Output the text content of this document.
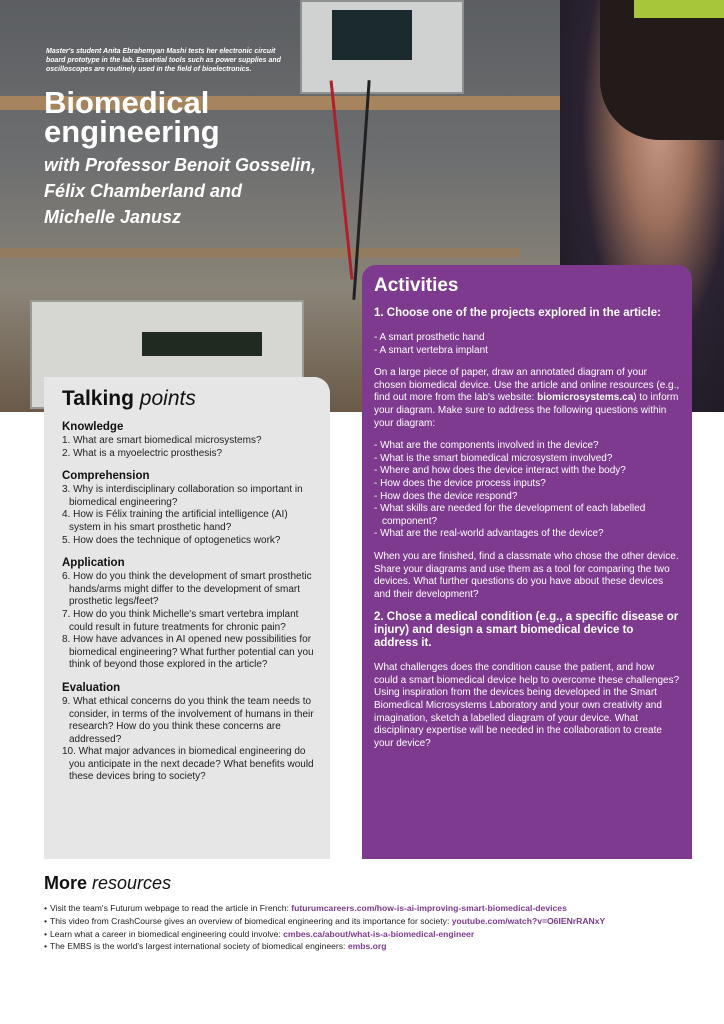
Master's student Anita Ebrahemyan Mashi tests her electronic circuit board prototype in the lab. Essential tools such as power supplies and oscilloscopes are routinely used in the field of bioelectronics.

Biomedical
engineering

with Professor Benoit Gosselin,
Félix Chamberland and
Michelle Janusz

Talking points
Knowledge
1. What are smart biomedical microsystems?
2. What is a myoelectric prosthesis?
Comprehension
3. Why is interdisciplinary collaboration so important in biomedical engineering?
4. How is Félix training the artificial intelligence (AI) system in his smart prosthetic hand?
5. How does the technique of optogenetics work?
Application
6. How do you think the development of smart prosthetic hands/arms might differ to the development of smart prosthetic legs/feet?
7. How do you think Michelle's smart vertebra implant could result in future treatments for chronic pain?
8. How have advances in AI opened new possibilities for biomedical engineering? What further potential can you think of beyond those explored in the article?
Evaluation
9. What ethical concerns do you think the team needs to consider, in terms of the involvement of humans in their research? How do you think these concerns are addressed?
10. What major advances in biomedical engineering do you anticipate in the next decade? What benefits would these devices bring to society?
Activities
1. Choose one of the projects explored in the article:
- A smart prosthetic hand
- A smart vertebra implant

On a large piece of paper, draw an annotated diagram of your chosen biomedical device. Use the article and online resources (e.g., find out more from the lab's website: biomicrosystems.ca) to inform your diagram. Make sure to address the following questions within your diagram:

- What are the components involved in the device?
- What is the smart biomedical microsystem involved?
- Where and how does the device interact with the body?
- How does the device process inputs?
- How does the device respond?
- What skills are needed for the development of each labelled component?
- What are the real-world advantages of the device?

When you are finished, find a classmate who chose the other device. Share your diagrams and use them as a tool for comparing the two devices. What further questions do you have about these devices and their development?

2. Chose a medical condition (e.g., a specific disease or injury) and design a smart biomedical device to address it.

What challenges does the condition cause the patient, and how could a smart biomedical device help to overcome these challenges? Using inspiration from the devices being developed in the Smart Biomedical Microsystems Laboratory and your own creativity and imagination, sketch a labelled diagram of your device. What disciplinary expertise will be needed in the collaboration to create your device?

More resources
• Visit the team's Futurum webpage to read the article in French: futurumcareers.com/how-is-ai-improving-smart-biomedical-devices
• This video from CrashCourse gives an overview of biomedical engineering and its importance for society: youtube.com/watch?v=O6IENrRANxY
• Learn what a career in biomedical engineering could involve: cmbes.ca/about/what-is-a-biomedical-engineer
• The EMBS is the world's largest international society of biomedical engineers: embs.org
